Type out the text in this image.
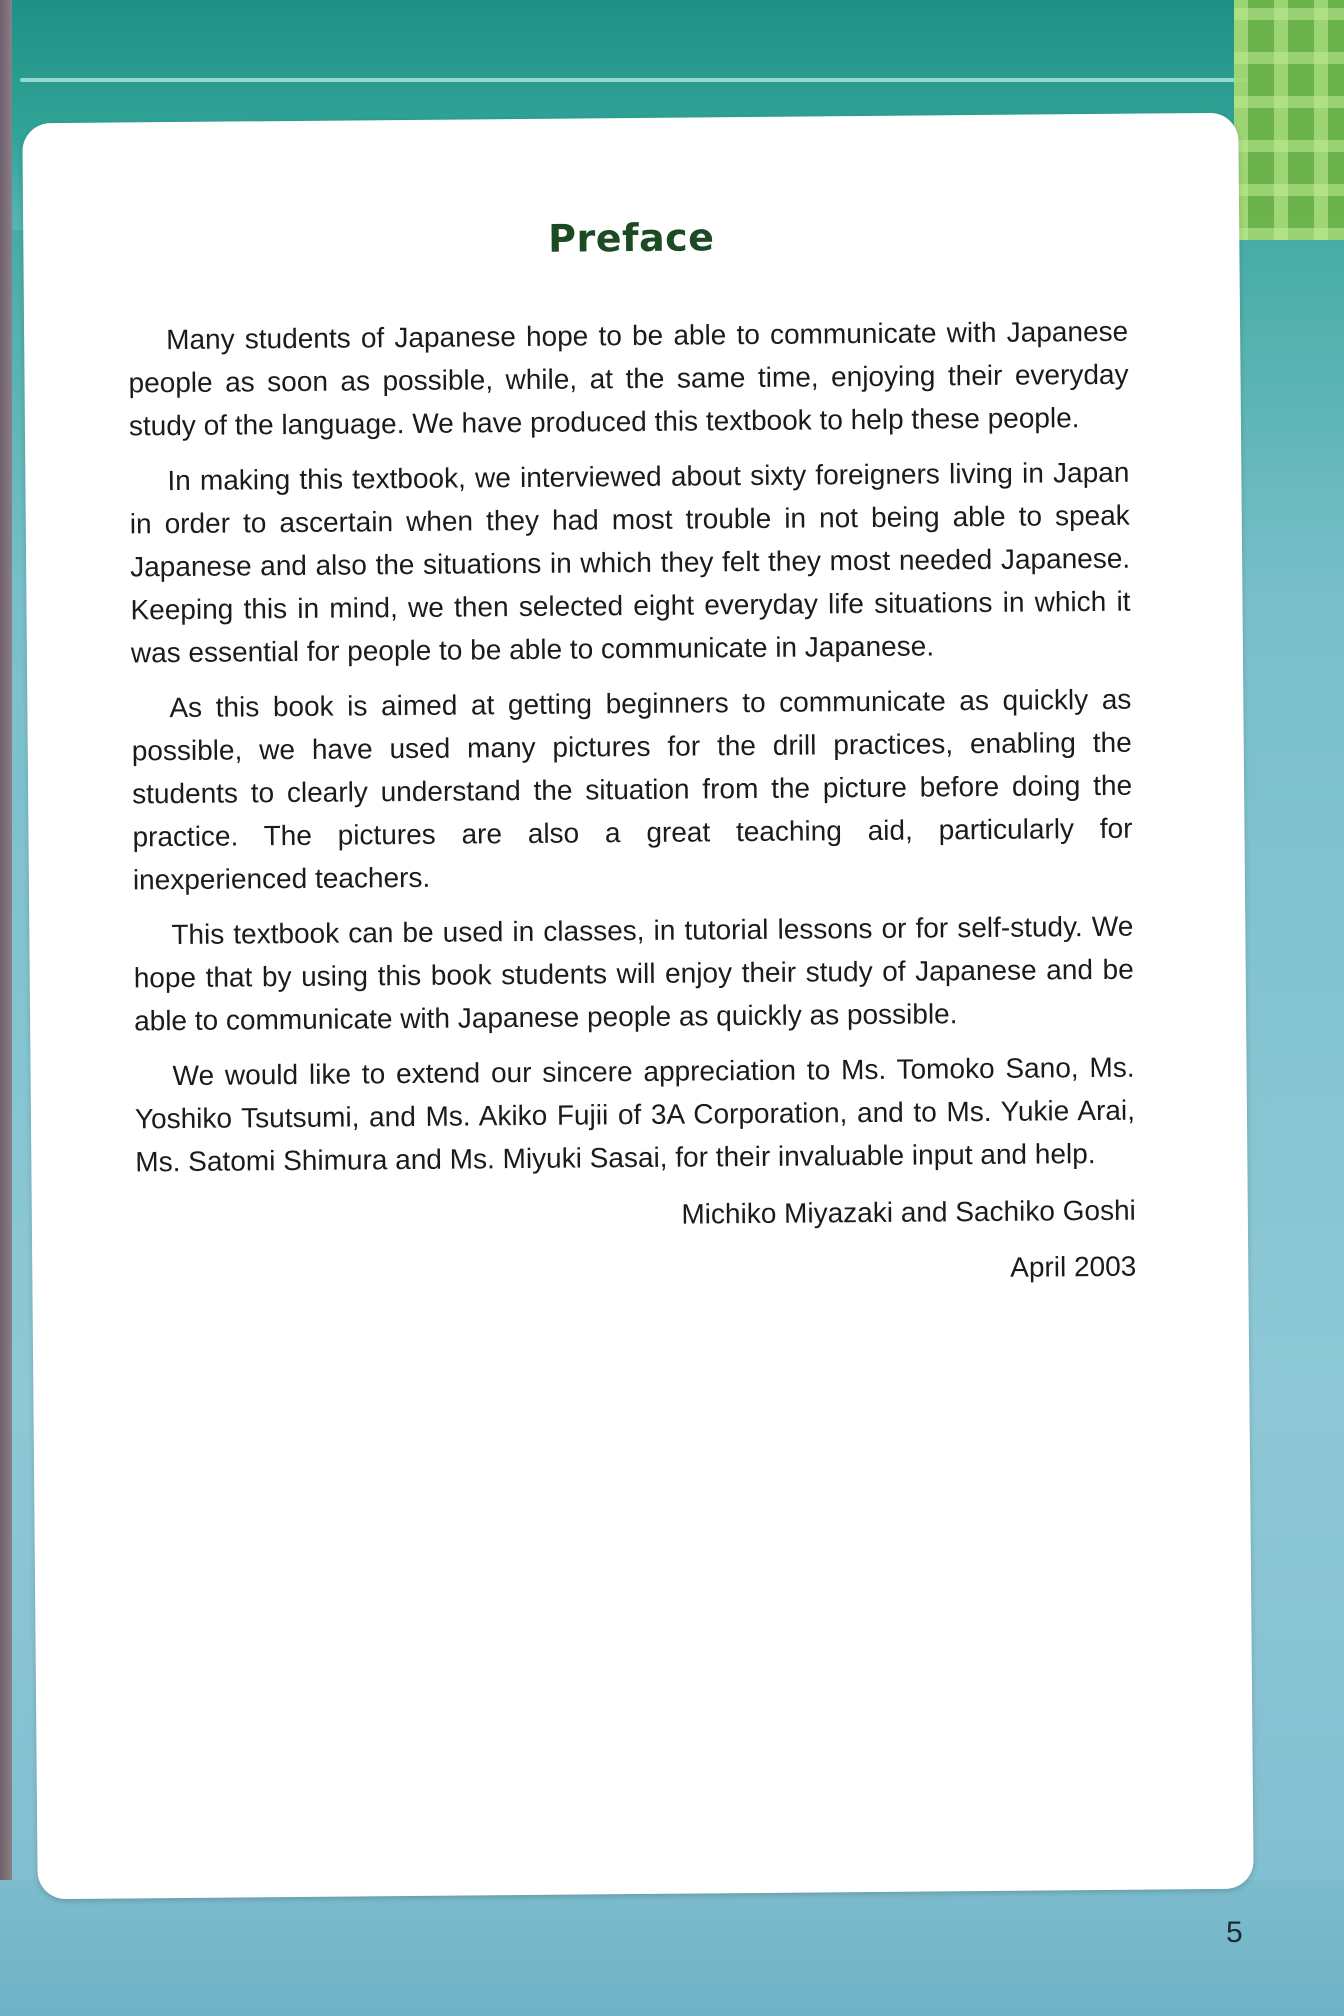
Preface

Many students of Japanese hope to be able to communicate with Japanese people as soon as possible, while, at the same time, enjoying their everyday study of the language. We have produced this textbook to help these people.

In making this textbook, we interviewed about sixty foreigners living in Japan in order to ascertain when they had most trouble in not being able to speak Japanese and also the situations in which they felt they most needed Japanese. Keeping this in mind, we then selected eight everyday life situations in which it was essential for people to be able to communicate in Japanese.

As this book is aimed at getting beginners to communicate as quickly as possible, we have used many pictures for the drill practices, enabling the students to clearly understand the situation from the picture before doing the practice. The pictures are also a great teaching aid, particularly for inexperienced teachers.

This textbook can be used in classes, in tutorial lessons or for self-study. We hope that by using this book students will enjoy their study of Japanese and be able to communicate with Japanese people as quickly as possible.

We would like to extend our sincere appreciation to Ms. Tomoko Sano, Ms. Yoshiko Tsutsumi, and Ms. Akiko Fujii of 3A Corporation, and to Ms. Yukie Arai, Ms. Satomi Shimura and Ms. Miyuki Sasai, for their invaluable input and help.

Michiko Miyazaki and Sachiko Goshi

April 2003

5
